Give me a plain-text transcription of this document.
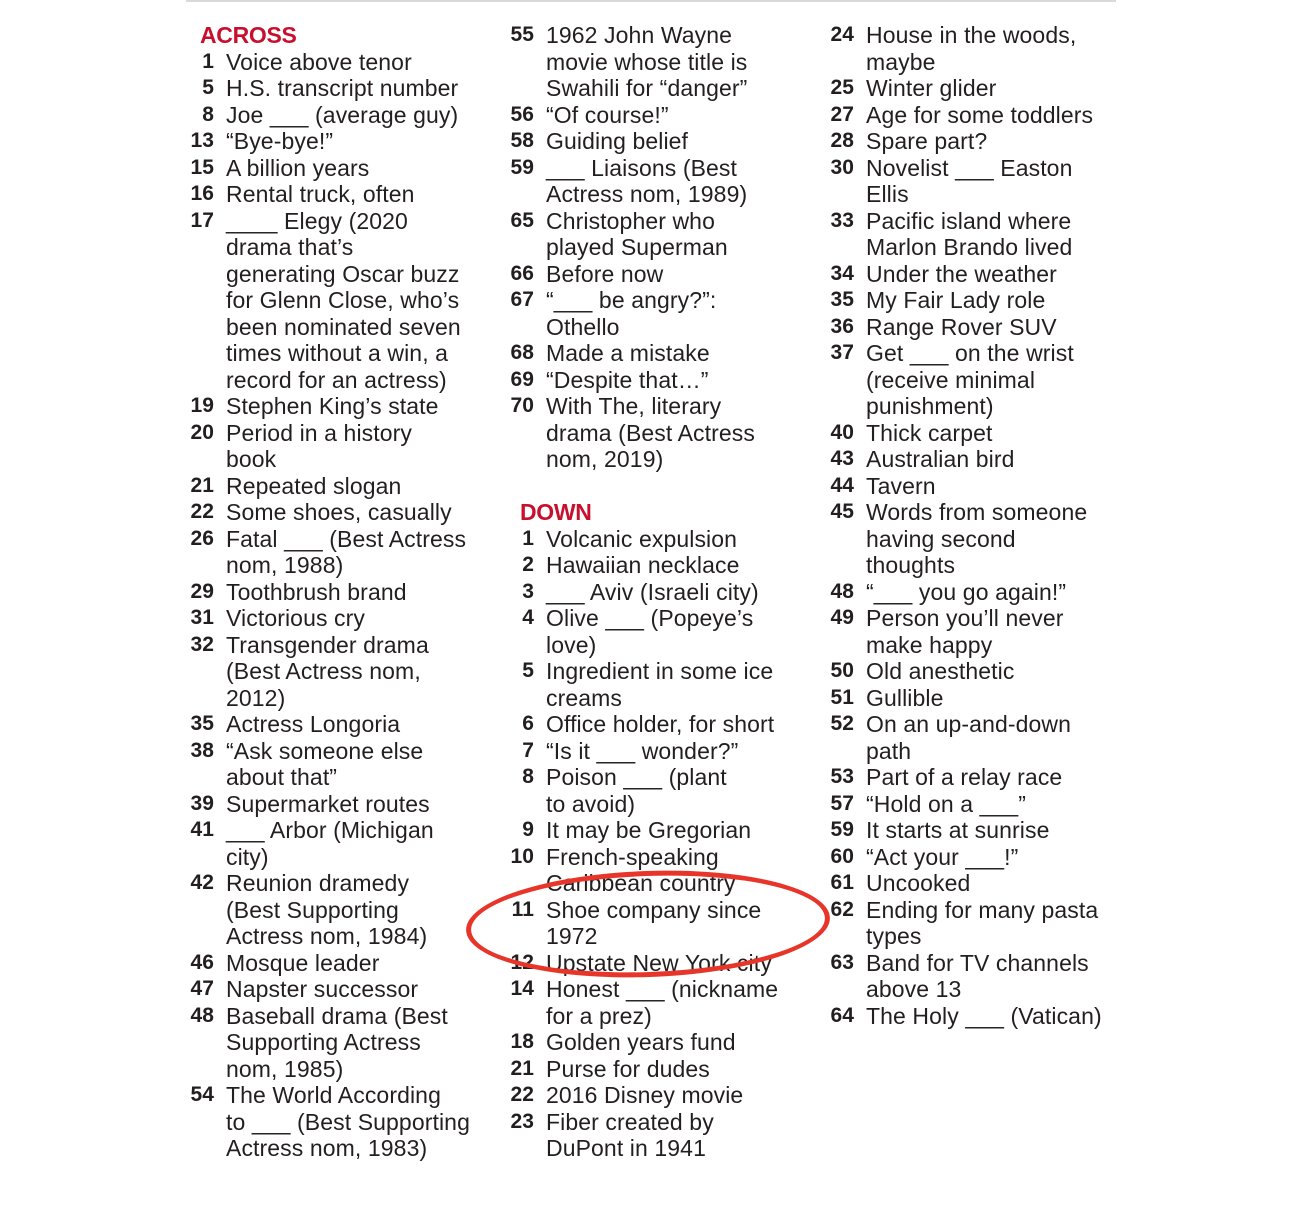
ACROSS
1 Voice above tenor
5 H.S. transcript number
8 Joe ___ (average guy)
13 “Bye-bye!”
15 A billion years
16 Rental truck, often
17 ____ Elegy (2020
drama that’s
generating Oscar buzz
for Glenn Close, who’s
been nominated seven
times without a win, a
record for an actress)
19 Stephen King’s state
20 Period in a history
book
21 Repeated slogan
22 Some shoes, casually
26 Fatal ___ (Best Actress
nom, 1988)
29 Toothbrush brand
31 Victorious cry
32 Transgender drama
(Best Actress nom,
2012)
35 Actress Longoria
38 “Ask someone else
about that”
39 Supermarket routes
41 ___ Arbor (Michigan
city)
42 Reunion dramedy
(Best Supporting
Actress nom, 1984)
46 Mosque leader
47 Napster successor
48 Baseball drama (Best
Supporting Actress
nom, 1985)
54 The World According
to ___ (Best Supporting
Actress nom, 1983)
55 1962 John Wayne
movie whose title is
Swahili for “danger”
56 “Of course!”
58 Guiding belief
59 ___ Liaisons (Best
Actress nom, 1989)
65 Christopher who
played Superman
66 Before now
67 “___ be angry?”:
Othello
68 Made a mistake
69 “Despite that…”
70 With The, literary
drama (Best Actress
nom, 2019)
DOWN
1 Volcanic expulsion
2 Hawaiian necklace
3 ___ Aviv (Israeli city)
4 Olive ___ (Popeye’s
love)
5 Ingredient in some ice
creams
6 Office holder, for short
7 “Is it ___ wonder?”
8 Poison ___ (plant
to avoid)
9 It may be Gregorian
10 French-speaking
Caribbean country
11 Shoe company since
1972
12 Upstate New York city
14 Honest ___ (nickname
for a prez)
18 Golden years fund
21 Purse for dudes
22 2016 Disney movie
23 Fiber created by
DuPont in 1941
24 House in the woods,
maybe
25 Winter glider
27 Age for some toddlers
28 Spare part?
30 Novelist ___ Easton
Ellis
33 Pacific island where
Marlon Brando lived
34 Under the weather
35 My Fair Lady role
36 Range Rover SUV
37 Get ___ on the wrist
(receive minimal
punishment)
40 Thick carpet
43 Australian bird
44 Tavern
45 Words from someone
having second
thoughts
48 “___ you go again!”
49 Person you’ll never
make happy
50 Old anesthetic
51 Gullible
52 On an up-and-down
path
53 Part of a relay race
57 “Hold on a ___”
59 It starts at sunrise
60 “Act your ___!”
61 Uncooked
62 Ending for many pasta
types
63 Band for TV channels
above 13
64 The Holy ___ (Vatican)
